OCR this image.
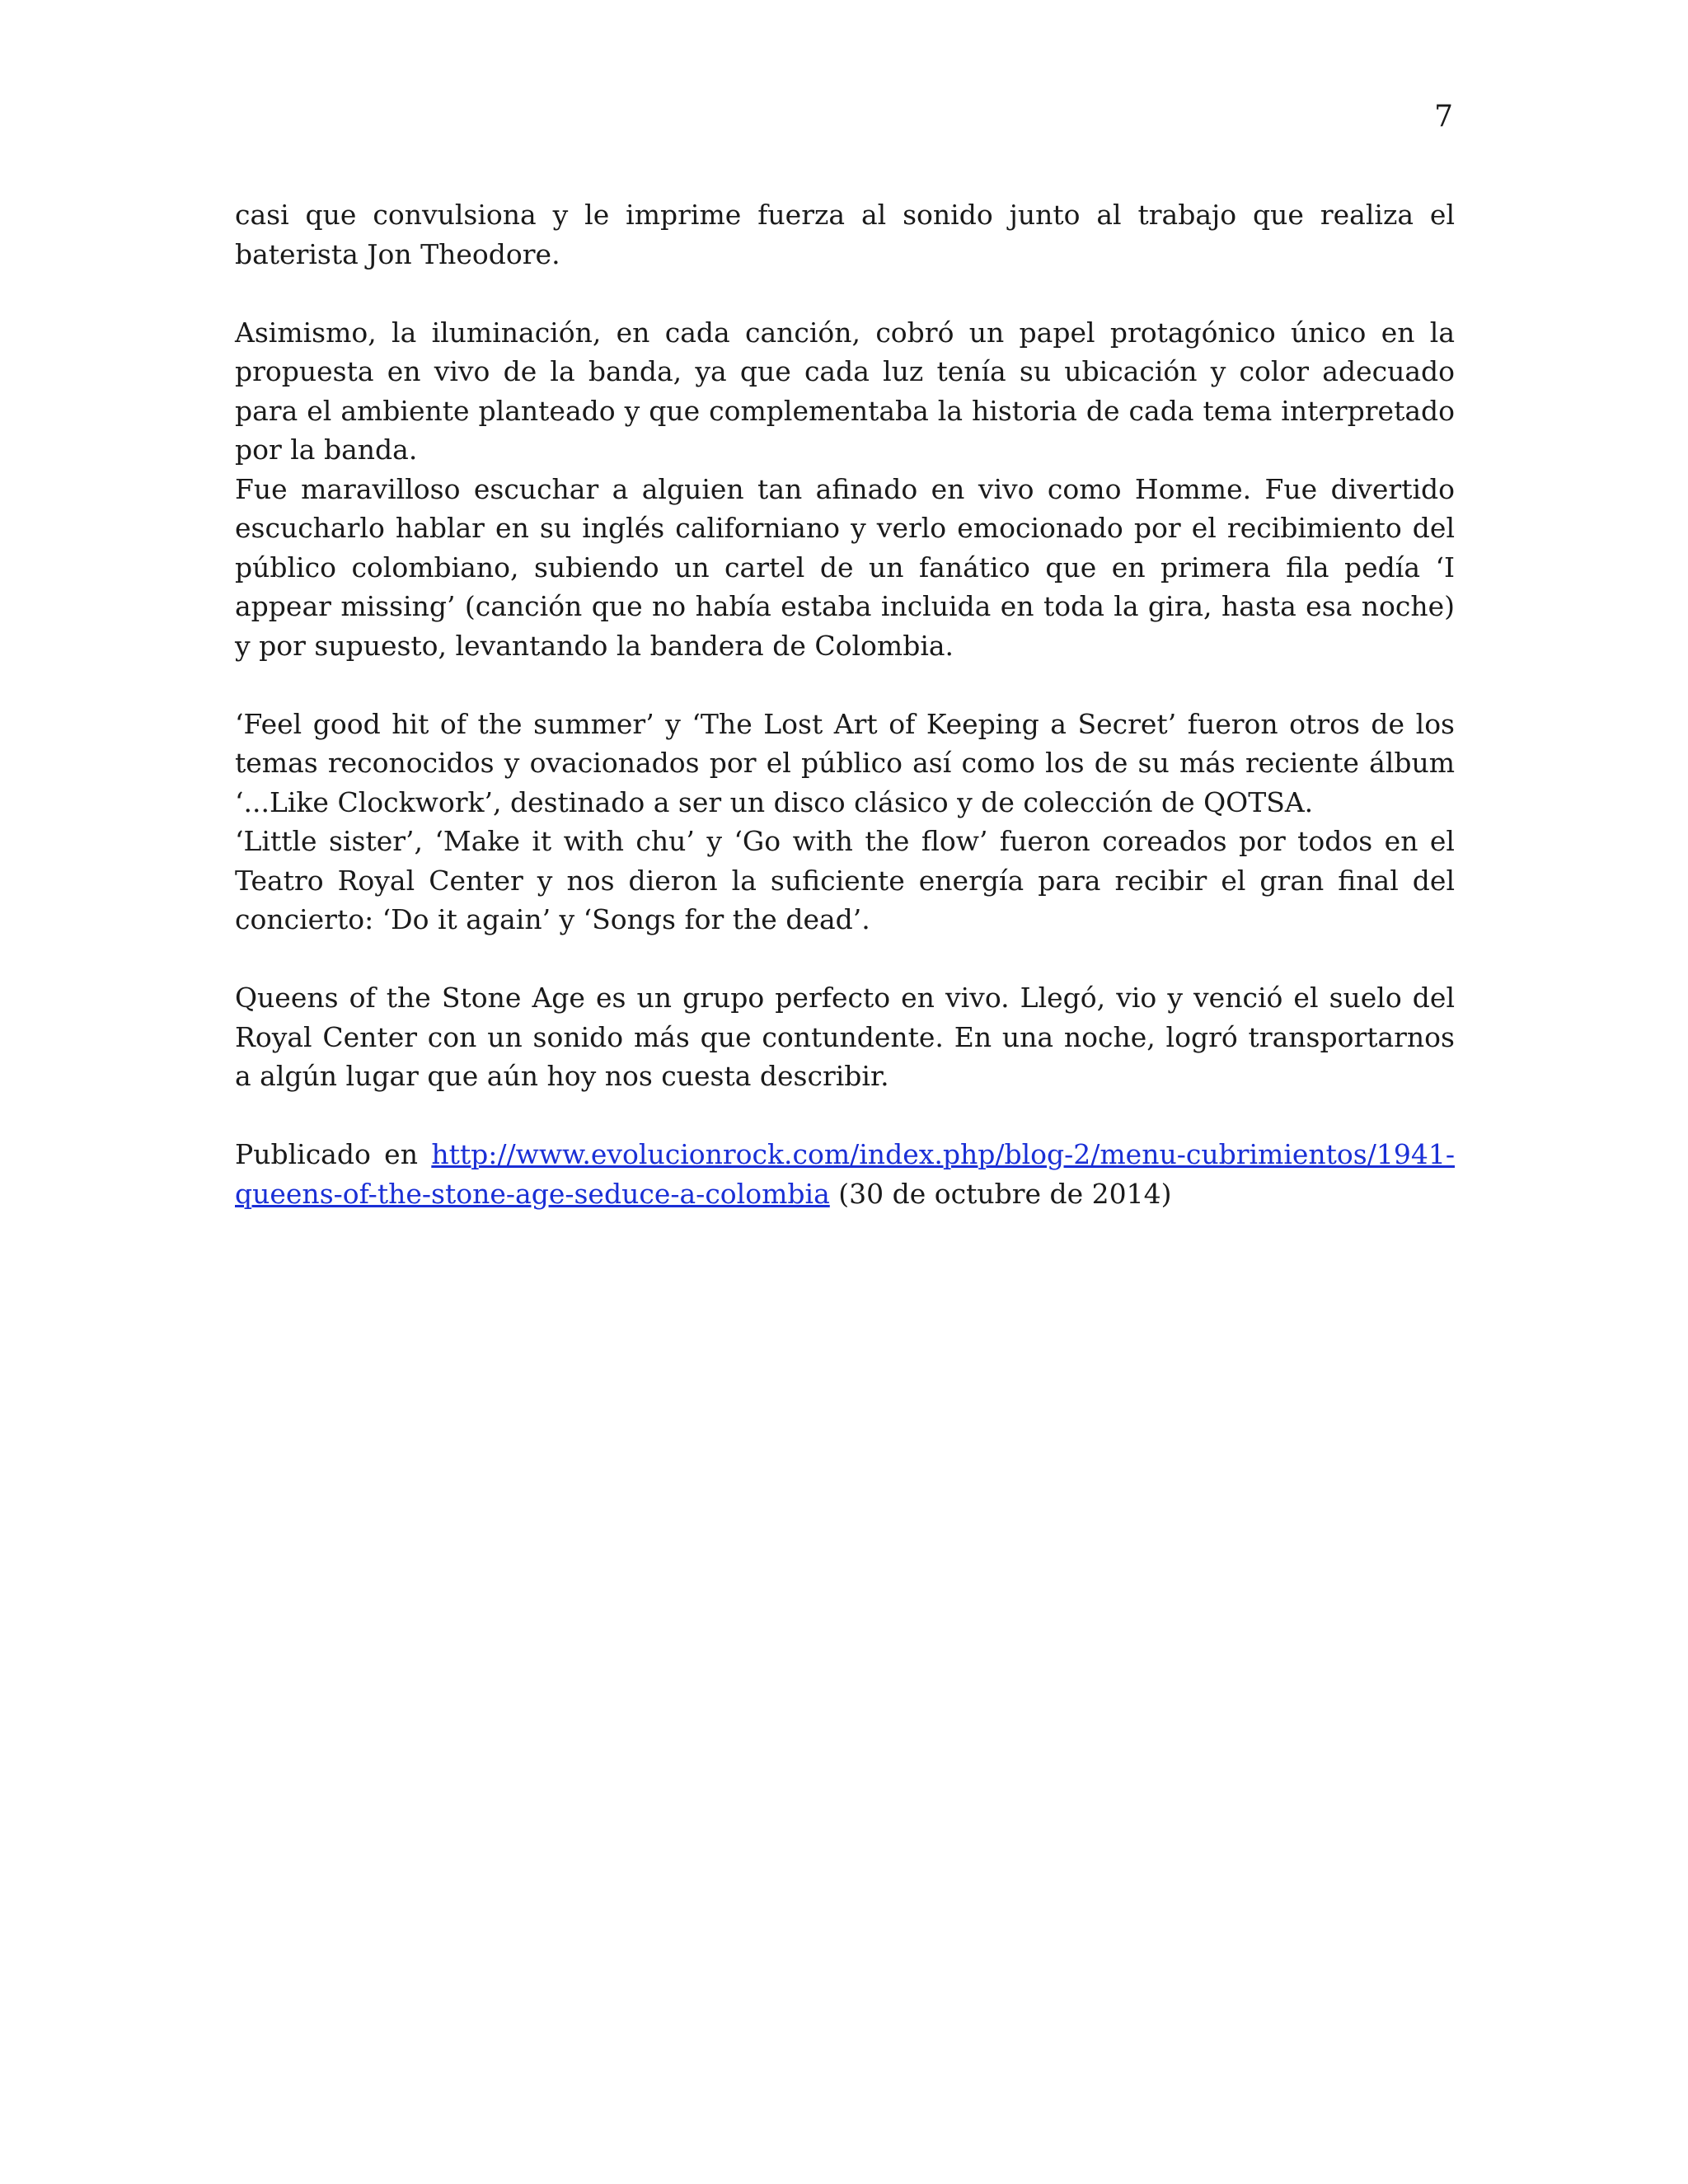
7

casi que convulsiona y le imprime fuerza al sonido junto al trabajo que realiza el baterista Jon Theodore.

Asimismo, la iluminación, en cada canción, cobró un papel protagónico único en la propuesta en vivo de la banda, ya que cada luz tenía su ubicación y color adecuado para el ambiente planteado y que complementaba la historia de cada tema interpretado por la banda.

Fue maravilloso escuchar a alguien tan afinado en vivo como Homme. Fue divertido escucharlo hablar en su inglés californiano y verlo emocionado por el recibimiento del público colombiano, subiendo un cartel de un fanático que en primera fila pedía ‘I appear missing’ (canción que no había estaba incluida en toda la gira, hasta esa noche) y por supuesto, levantando la bandera de Colombia.

‘Feel good hit of the summer’ y ‘The Lost Art of Keeping a Secret’ fueron otros de los temas reconocidos y ovacionados por el público así como los de su más reciente álbum ‘...Like Clockwork’, destinado a ser un disco clásico y de colección de QOTSA.

‘Little sister’, ‘Make it with chu’ y ‘Go with the flow’ fueron coreados por todos en el Teatro Royal Center y nos dieron la suficiente energía para recibir el gran final del concierto: ‘Do it again’ y ‘Songs for the dead’.

Queens of the Stone Age es un grupo perfecto en vivo. Llegó, vio y venció el suelo del Royal Center con un sonido más que contundente. En una noche, logró transportarnos a algún lugar que aún hoy nos cuesta describir.

Publicado en http://www.evolucionrock.com/index.php/blog-2/menu-cubrimientos/1941-queens-of-the-stone-age-seduce-a-colombia (30 de octubre de 2014)
